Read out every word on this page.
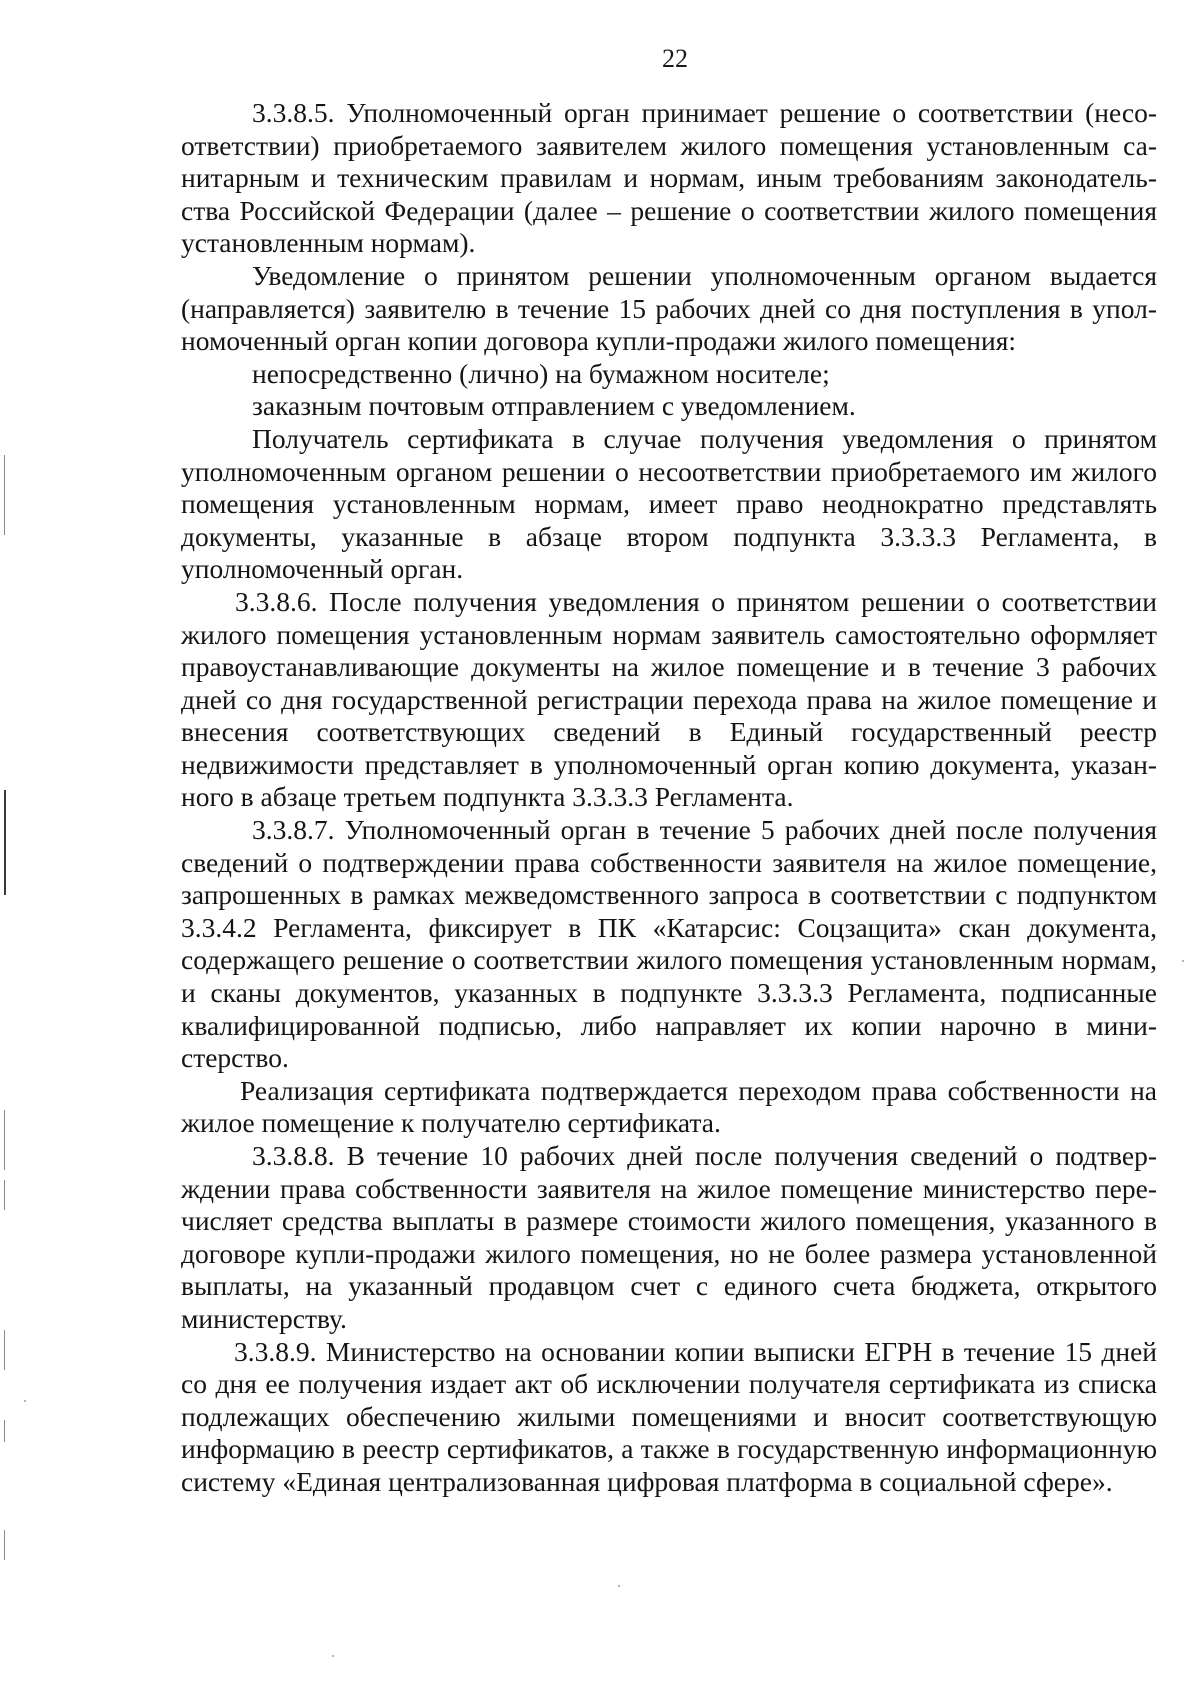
22

3.3.8.5. Уполномоченный орган принимает решение о соответствии (несоответствии) приобретаемого заявителем жилого помещения установленным санитарным и техническим правилам и нормам, иным требованиям законодательства Российской Федерации (далее – решение о соответствии жилого помещения установленным нормам).

Уведомление о принятом решении уполномоченным органом выдается (направляется) заявителю в течение 15 рабочих дней со дня поступления в уполномоченный орган копии договора купли-продажи жилого помещения:

непосредственно (лично) на бумажном носителе;

заказным почтовым отправлением с уведомлением.

Получатель сертификата в случае получения уведомления о принятом уполномоченным органом решении о несоответствии приобретаемого им жилого помещения установленным нормам, имеет право неоднократно представлять документы, указанные в абзаце втором подпункта 3.3.3.3 Регламента, в уполномоченный орган.

3.3.8.6. После получения уведомления о принятом решении о соответствии жилого помещения установленным нормам заявитель самостоятельно оформляет правоустанавливающие документы на жилое помещение и в течение 3 рабочих дней со дня государственной регистрации перехода права на жилое помещение и внесения соответствующих сведений в Единый государственный реестр недвижимости представляет в уполномоченный орган копию документа, указанного в абзаце третьем подпункта 3.3.3.3 Регламента.

3.3.8.7. Уполномоченный орган в течение 5 рабочих дней после получения сведений о подтверждении права собственности заявителя на жилое помещение, запрошенных в рамках межведомственного запроса в соответствии с подпунктом 3.3.4.2 Регламента, фиксирует в ПК «Катарсис: Соцзащита» скан документа, содержащего решение о соответствии жилого помещения установленным нормам, и сканы документов, указанных в подпункте 3.3.3.3 Регламента, подписанные квалифицированной подписью, либо направляет их копии нарочно в министерство.

Реализация сертификата подтверждается переходом права собственности на жилое помещение к получателю сертификата.

3.3.8.8. В течение 10 рабочих дней после получения сведений о подтверждении права собственности заявителя на жилое помещение министерство перечисляет средства выплаты в размере стоимости жилого помещения, указанного в договоре купли-продажи жилого помещения, но не более размера установленной выплаты, на указанный продавцом счет с единого счета бюджета, открытого министерству.

3.3.8.9. Министерство на основании копии выписки ЕГРН в течение 15 дней со дня ее получения издает акт об исключении получателя сертификата из списка подлежащих обеспечению жилыми помещениями и вносит соответствующую информацию в реестр сертификатов, а также в государственную информационную систему «Единая централизованная цифровая платформа в социальной сфере».
